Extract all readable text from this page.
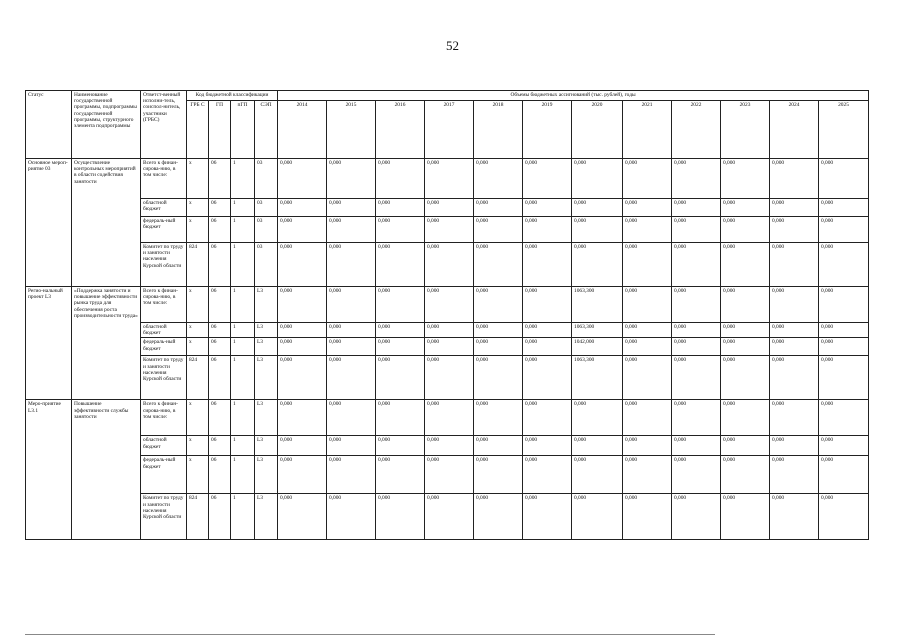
52
Статус	Наименование государственной программы, подпрограммы государственной программы, структурного элемента подпрограммы	Ответст-венный исполни-тель, соиспол-нитель, участники (ГРБС)	Код бюджетной классификации				Объемы бюджетных ассигнований (тыс. рублей), годы											
			ГРБ С	ГП	пГП	СЭП	2014	2015	2016	2017	2018	2019	2020	2021	2022	2023	2024	2025
Основное мероп-риятие 03	Осуществление контрольных мероприятий в области содействия занятости	Всего к финан-сирова-нию, в том числе:	х	06	1	03	0,000	0,000	0,000	0,000	0,000	0,000	0,000	0,000	0,000	0,000	0,000	0,000
		областной бюджет	х	06	1	03	0,000	0,000	0,000	0,000	0,000	0,000	0,000	0,000	0,000	0,000	0,000	0,000
		федераль-ный бюджет	х	06	1	03	0,000	0,000	0,000	0,000	0,000	0,000	0,000	0,000	0,000	0,000	0,000	0,000
		Комитет по труду и занятости населения Курской области	824	06	1	03	0,000	0,000	0,000	0,000	0,000	0,000	0,000	0,000	0,000	0,000	0,000	0,000
Регио-нальный проект L3	«Поддержка занятости и повышение эффективности рынка труда для обеспечения роста производительности труда»	Всего к финан-сирова-нию, в том числе:	х	06	1	L3	0,000	0,000	0,000	0,000	0,000	0,000	1063,300	0,000	0,000	0,000	0,000	0,000
		областной бюджет	х	06	1	L3	0,000	0,000	0,000	0,000	0,000	0,000	1063,300	0,000	0,000	0,000	0,000	0,000
		федераль-ный бюджет	х	06	1	L3	0,000	0,000	0,000	0,000	0,000	0,000	1042,000	0,000	0,000	0,000	0,000	0,000
		Комитет по труду и занятости населения Курской области	824	06	1	L3	0,000	0,000	0,000	0,000	0,000	0,000	1063,300	0,000	0,000	0,000	0,000	0,000
Меро-приятие L3.1	Повышение эффективности службы занятости	Всего к финан-сирова-нию, в том числе:	х	06	1	L3	0,000	0,000	0,000	0,000	0,000	0,000	0,000	0,000	0,000	0,000	0,000	0,000
		областной бюджет	х	06	1	L3	0,000	0,000	0,000	0,000	0,000	0,000	0,000	0,000	0,000	0,000	0,000	0,000
		федераль-ный бюджет	х	06	1	L3	0,000	0,000	0,000	0,000	0,000	0,000	0,000	0,000	0,000	0,000	0,000	0,000
		Комитет по труду и занятости населения Курской области	824	06	1	L3	0,000	0,000	0,000	0,000	0,000	0,000	0,000	0,000	0,000	0,000	0,000	0,000
